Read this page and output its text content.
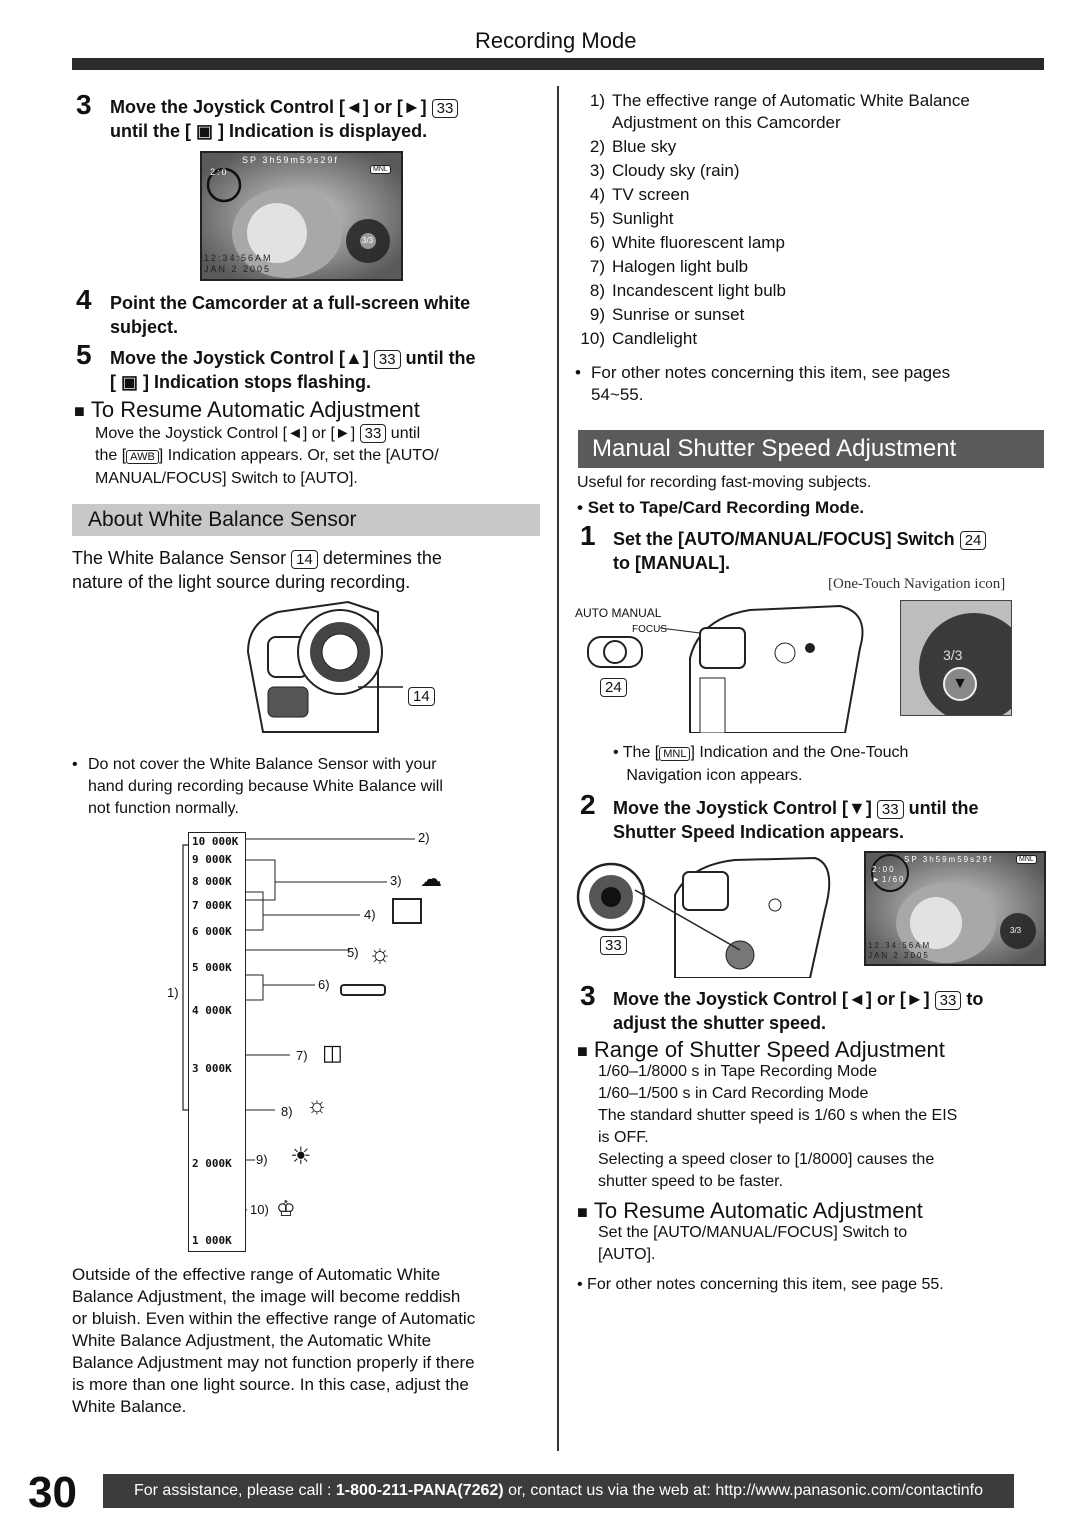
Recording Mode
3 Move the Joystick Control [◄] or [►] 33
until the [ ▣ ] Indication is displayed.
SP 3h59m59s29f
MNL
2:0
12:34:56AM
JAN 2 2005
3/3
4 Point the Camcorder at a full-screen white subject.
5 Move the Joystick Control [▲] 33 until the
[ ▣ ] Indication stops flashing.
■ To Resume Automatic Adjustment
Move the Joystick Control [◄] or [►] 33 until
the [ AWB ] Indication appears. Or, set the [AUTO/
MANUAL/FOCUS] Switch to [AUTO].
About White Balance Sensor
The White Balance Sensor 14 determines the
nature of the light source during recording.
14
• Do not cover the White Balance Sensor with your
hand during recording because White Balance will
not function normally.
10 000K
9 000K
8 000K
7 000K
6 000K
5 000K
4 000K
3 000K
2 000K
1 000K
1)
2)
3)
4)
5)
6)
7)
8)
9)
10)
☁
☼
◫
☼
☀
♔
Outside of the effective range of Automatic White
Balance Adjustment, the image will become reddish
or bluish. Even within the effective range of Automatic
White Balance Adjustment, the Automatic White
Balance Adjustment may not function properly if there
is more than one light source. In this case, adjust the
White Balance.
1) The effective range of Automatic White Balance
Adjustment on this Camcorder
2) Blue sky
3) Cloudy sky (rain)
4) TV screen
5) Sunlight
6) White fluorescent lamp
7) Halogen light bulb
8) Incandescent light bulb
9) Sunrise or sunset
10) Candlelight
• For other notes concerning this item, see pages
54~55.
Manual Shutter Speed Adjustment
Useful for recording fast-moving subjects.
• Set to Tape/Card Recording Mode.
1 Set the [AUTO/MANUAL/FOCUS] Switch 24
to [MANUAL].
[One-Touch Navigation icon]
AUTO MANUAL
FOCUS
24
3/3
▼
• The [ MNL ] Indication and the One-Touch
Navigation icon appears.
2 Move the Joystick Control [▼] 33 until the
Shutter Speed Indication appears.
33
SP 3h59m59s29f	MNL
2:00
►1/60
12:34:56AM
JAN 2 2005
3/3
3 Move the Joystick Control [◄] or [►] 33 to
adjust the shutter speed.
■ Range of Shutter Speed Adjustment
1/60–1/8000 s in Tape Recording Mode
1/60–1/500 s in Card Recording Mode
The standard shutter speed is 1/60 s when the EIS
is OFF.
Selecting a speed closer to [1/8000] causes the
shutter speed to be faster.
■ To Resume Automatic Adjustment
Set the [AUTO/MANUAL/FOCUS] Switch to
[AUTO].
• For other notes concerning this item, see page 55.
30	For assistance, please call : 1-800-211-PANA(7262) or, contact us via the web at: http://www.panasonic.com/contactinfo
